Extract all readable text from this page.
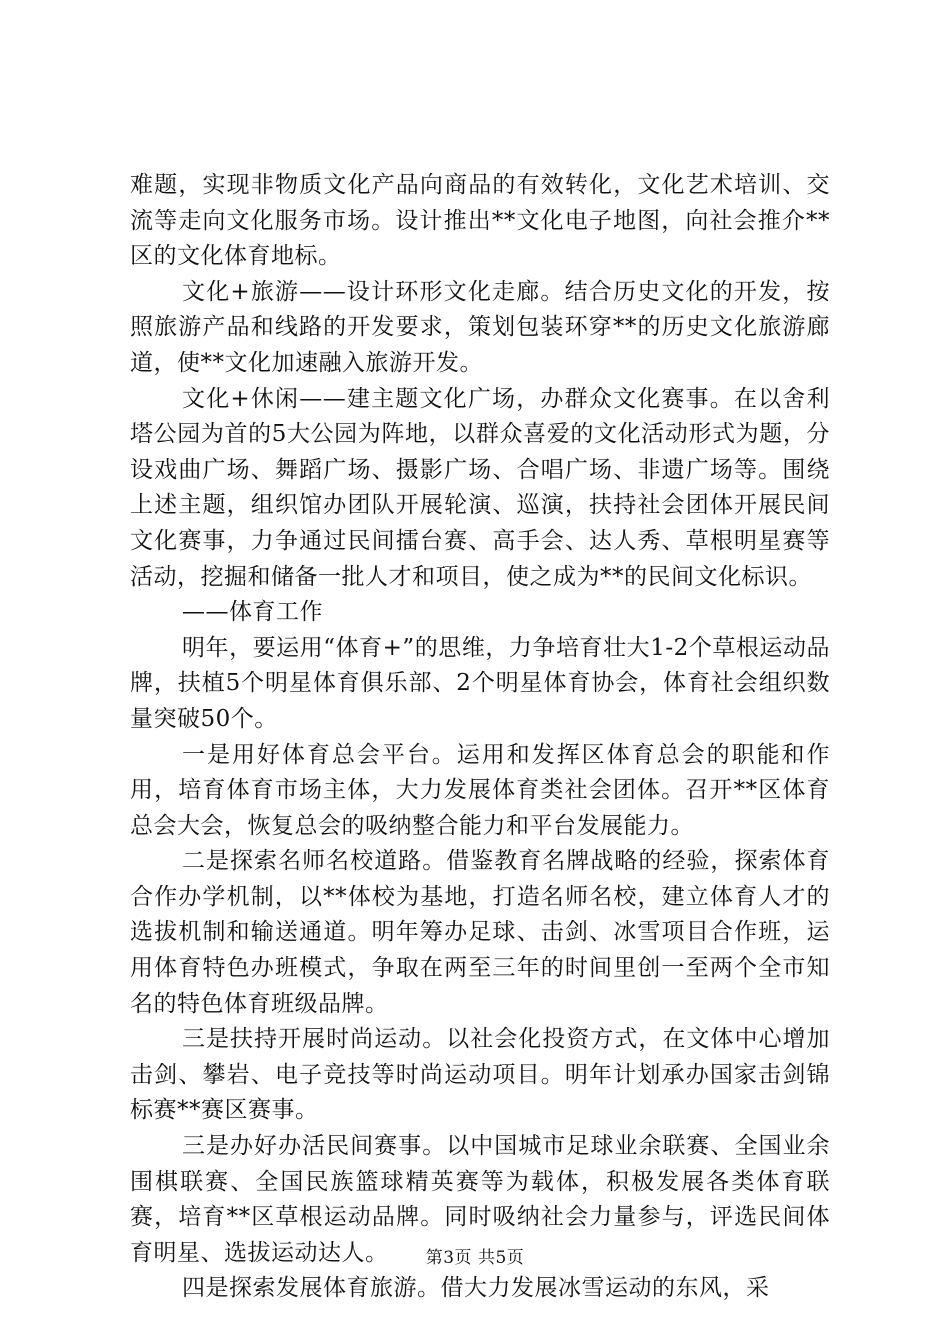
难题，实现非物质文化产品向商品的有效转化，文化艺术培训、交流等走向文化服务市场。设计推出**文化电子地图，向社会推介**区的文化体育地标。

文化+旅游——设计环形文化走廊。结合历史文化的开发，按照旅游产品和线路的开发要求，策划包装环穿**的历史文化旅游廊道，使**文化加速融入旅游开发。

文化+休闲——建主题文化广场，办群众文化赛事。在以舍利塔公园为首的5大公园为阵地，以群众喜爱的文化活动形式为题，分设戏曲广场、舞蹈广场、摄影广场、合唱广场、非遗广场等。围绕上述主题，组织馆办团队开展轮演、巡演，扶持社会团体开展民间文化赛事，力争通过民间擂台赛、高手会、达人秀、草根明星赛等活动，挖掘和储备一批人才和项目，使之成为**的民间文化标识。

——体育工作

明年，要运用“体育+”的思维，力争培育壮大1-2个草根运动品牌，扶植5个明星体育俱乐部、2个明星体育协会，体育社会组织数量突破50个。

一是用好体育总会平台。运用和发挥区体育总会的职能和作用，培育体育市场主体，大力发展体育类社会团体。召开**区体育总会大会，恢复总会的吸纳整合能力和平台发展能力。

二是探索名师名校道路。借鉴教育名牌战略的经验，探索体育合作办学机制，以**体校为基地，打造名师名校，建立体育人才的选拔机制和输送通道。明年筹办足球、击剑、冰雪项目合作班，运用体育特色办班模式，争取在两至三年的时间里创一至两个全市知名的特色体育班级品牌。

三是扶持开展时尚运动。以社会化投资方式，在文体中心增加击剑、攀岩、电子竞技等时尚运动项目。明年计划承办国家击剑锦标赛**赛区赛事。

三是办好办活民间赛事。以中国城市足球业余联赛、全国业余围棋联赛、全国民族篮球精英赛等为载体，积极发展各类体育联赛，培育**区草根运动品牌。同时吸纳社会力量参与，评选民间体育明星、选拔运动达人。

四是探索发展体育旅游。借大力发展冰雪运动的东风，采

第3页 共5页
